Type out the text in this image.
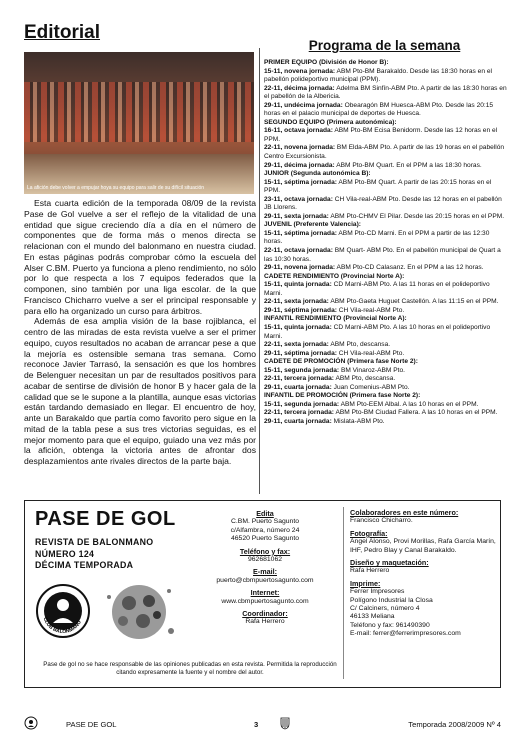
Editorial
La afición debe volver a empujar hoya su equipo para salir de su difícil situación

Esta cuarta edición de la temporada 08/09 de la revista Pase de Gol vuelve a ser el reflejo de la vitalidad de una entidad que sigue creciendo día a día en el número de componentes que de forma más o menos directa se relacionan con el mundo del balonmano en nuestra ciudad. En estas páginas podrás comprobar cómo la escuela del Alser C.BM. Puerto ya funciona a pleno rendimiento, no sólo por lo que respecta a los 7 equipos federados que la componen, sino también por una liga escolar. de la que Francisco Chicharro vuelve a ser el principal responsable y para ello ha organizado un curso para árbitros.

Además de esa amplia visión de la base rojiblanca, el centro de las miradas de esta revista vuelve a ser el primer equipo, cuyos resultados no acaban de arrancar pese a que la mejoría es ostensible semana tras semana. Como reconoce Javier Tarrasó, la sensación es que los hombres de Belenguer necesitan un par de resultados positivos para acabar de sentirse de división de honor B y hacer gala de la calidad que se le supone a la plantilla, aunque esas victorias están tardando demasiado en llegar. El encuentro de hoy, ante un Barakaldo que partía como favorito pero sigue en la mitad de la tabla pese a sus tres victorias seguidas, es el mejor momento para que el equipo, guiado una vez más por la afición, obtenga la victoria antes de afrontar dos desplazamientos ante rivales directos de la parte baja.

Programa de la semana
PRIMER EQUIPO (División de Honor B):
15-11, novena jornada: ABM Pto-BM Barakaldo. Desde las 18:30 horas en el pabellón polideportivo municipal (PPM).
22-11, décima jornada: Adelma BM Sinfín-ABM Pto. A partir de las 18:30 horas en el pabellón de la Albericia.
29-11, undécima jornada: Obearagón BM Huesca-ABM Pto. Desde las 20:15 horas en el palacio municipal de deportes de Huesca.
SEGUNDO EQUIPO (Primera autonómica):
16-11, octava jornada: ABM Pto-BM Ecisa Benidorm. Desde las 12 horas en el PPM.
22-11, novena jornada: BM Elda-ABM Pto. A partir de las 19 horas en el pabellón Centro Excursionista.
29-11, décima jornada: ABM Pto-BM Quart. En el PPM a las 18:30 horas.
JUNIOR (Segunda autonómica B):
15-11, séptima jornada: ABM Pto-BM Quart. A partir de las 20:15 horas en el PPM.
23-11, octava jornada: CH Vila-real-ABM Pto. Desde las 12 horas en el pabellón JB Llorens.
29-11, sexta jornada: ABM Pto-CHMV El Pilar. Desde las 20:15 horas en el PPM.
JUVENIL (Preferente Valencia):
15-11, séptima jornada: ABM Pto-CD Marni. En el PPM a partir de las 12:30 horas.
22-11, octava jornada: BM Quart- ABM Pto. En el pabellón municipal de Quart a las 10:30 horas.
29-11, novena jornada: ABM Pto-CD Calasanz. En el PPM a las 12 horas.
CADETE RENDIMIENTO (Provincial Norte A):
15-11, quinta jornada: CD Marni-ABM Pto. A las 11 horas en el polideportivo Marni.
22-11, sexta jornada: ABM Pto-Gaeta Huguet Castellón. A las 11:15 en el PPM.
29-11, séptima jornada: CH Vila-real-ABM Pto.
INFANTIL RENDIMIENTO (Provincial Norte A):
15-11, quinta jornada: CD Marni-ABM Pto. A las 10 horas en el polideportivo Marni.
22-11, sexta jornada: ABM Pto, descansa.
29-11, séptima jornada: CH Vila-real-ABM Pto.
CADETE DE PROMOCIÓN (Primera fase Norte 2):
15-11, segunda jornada: BM Vinaroz-ABM Pto.
22-11, tercera jornada: ABM Pto, descansa.
29-11, cuarta jornada: Juan Comenius-ABM Pto.
INFANTIL DE PROMOCIÓN (Primera fase Norte 2):
15-11, segunda jornada: ABM Pto-EEM Albal. A las 10 horas en el PPM.
22-11, tercera jornada: ABM Pto-BM Ciudad Fallera. A las 10 horas en el PPM.
29-11, cuarta jornada: Mislata-ABM Pto.
PASE DE GOL
REVISTA DE BALONMANO
NÚMERO 124
DÉCIMA TEMPORADA
CLUB BALONMANO
Pase de gol no se hace responsable de las opiniones publicadas en esta revista. Permitida la reproducción citando expresamente la fuente y el nombre del autor.
Edita
C.BM. Puerto Sagunto
c/Alfambra, número 24
46520 Puerto Sagunto
Teléfono y fax:
962681062
E-mail:
puerto@cbmpuertosagunto.com
Internet:
www.cbmpuertosagunto.com
Coordinador:
Rafa Herrero
Colaboradores en este número:
Francisco Chicharro.
Fotografía:
Ángel Alonso, Provi Morillas, Rafa García Marín, IHF, Pedro Blay y Canal Barakaldo.
Diseño y maquetación:
Rafa Herrero
Imprime:
Ferrer Impresores
Polígono Industrial la Closa
C/ Calciners, número 4
46133 Meliana
Teléfono y fax: 961490390
E-mail: ferrer@ferrerimpresores.com
PASE DE GOL	3	Temporada 2008/2009 Nº 4
